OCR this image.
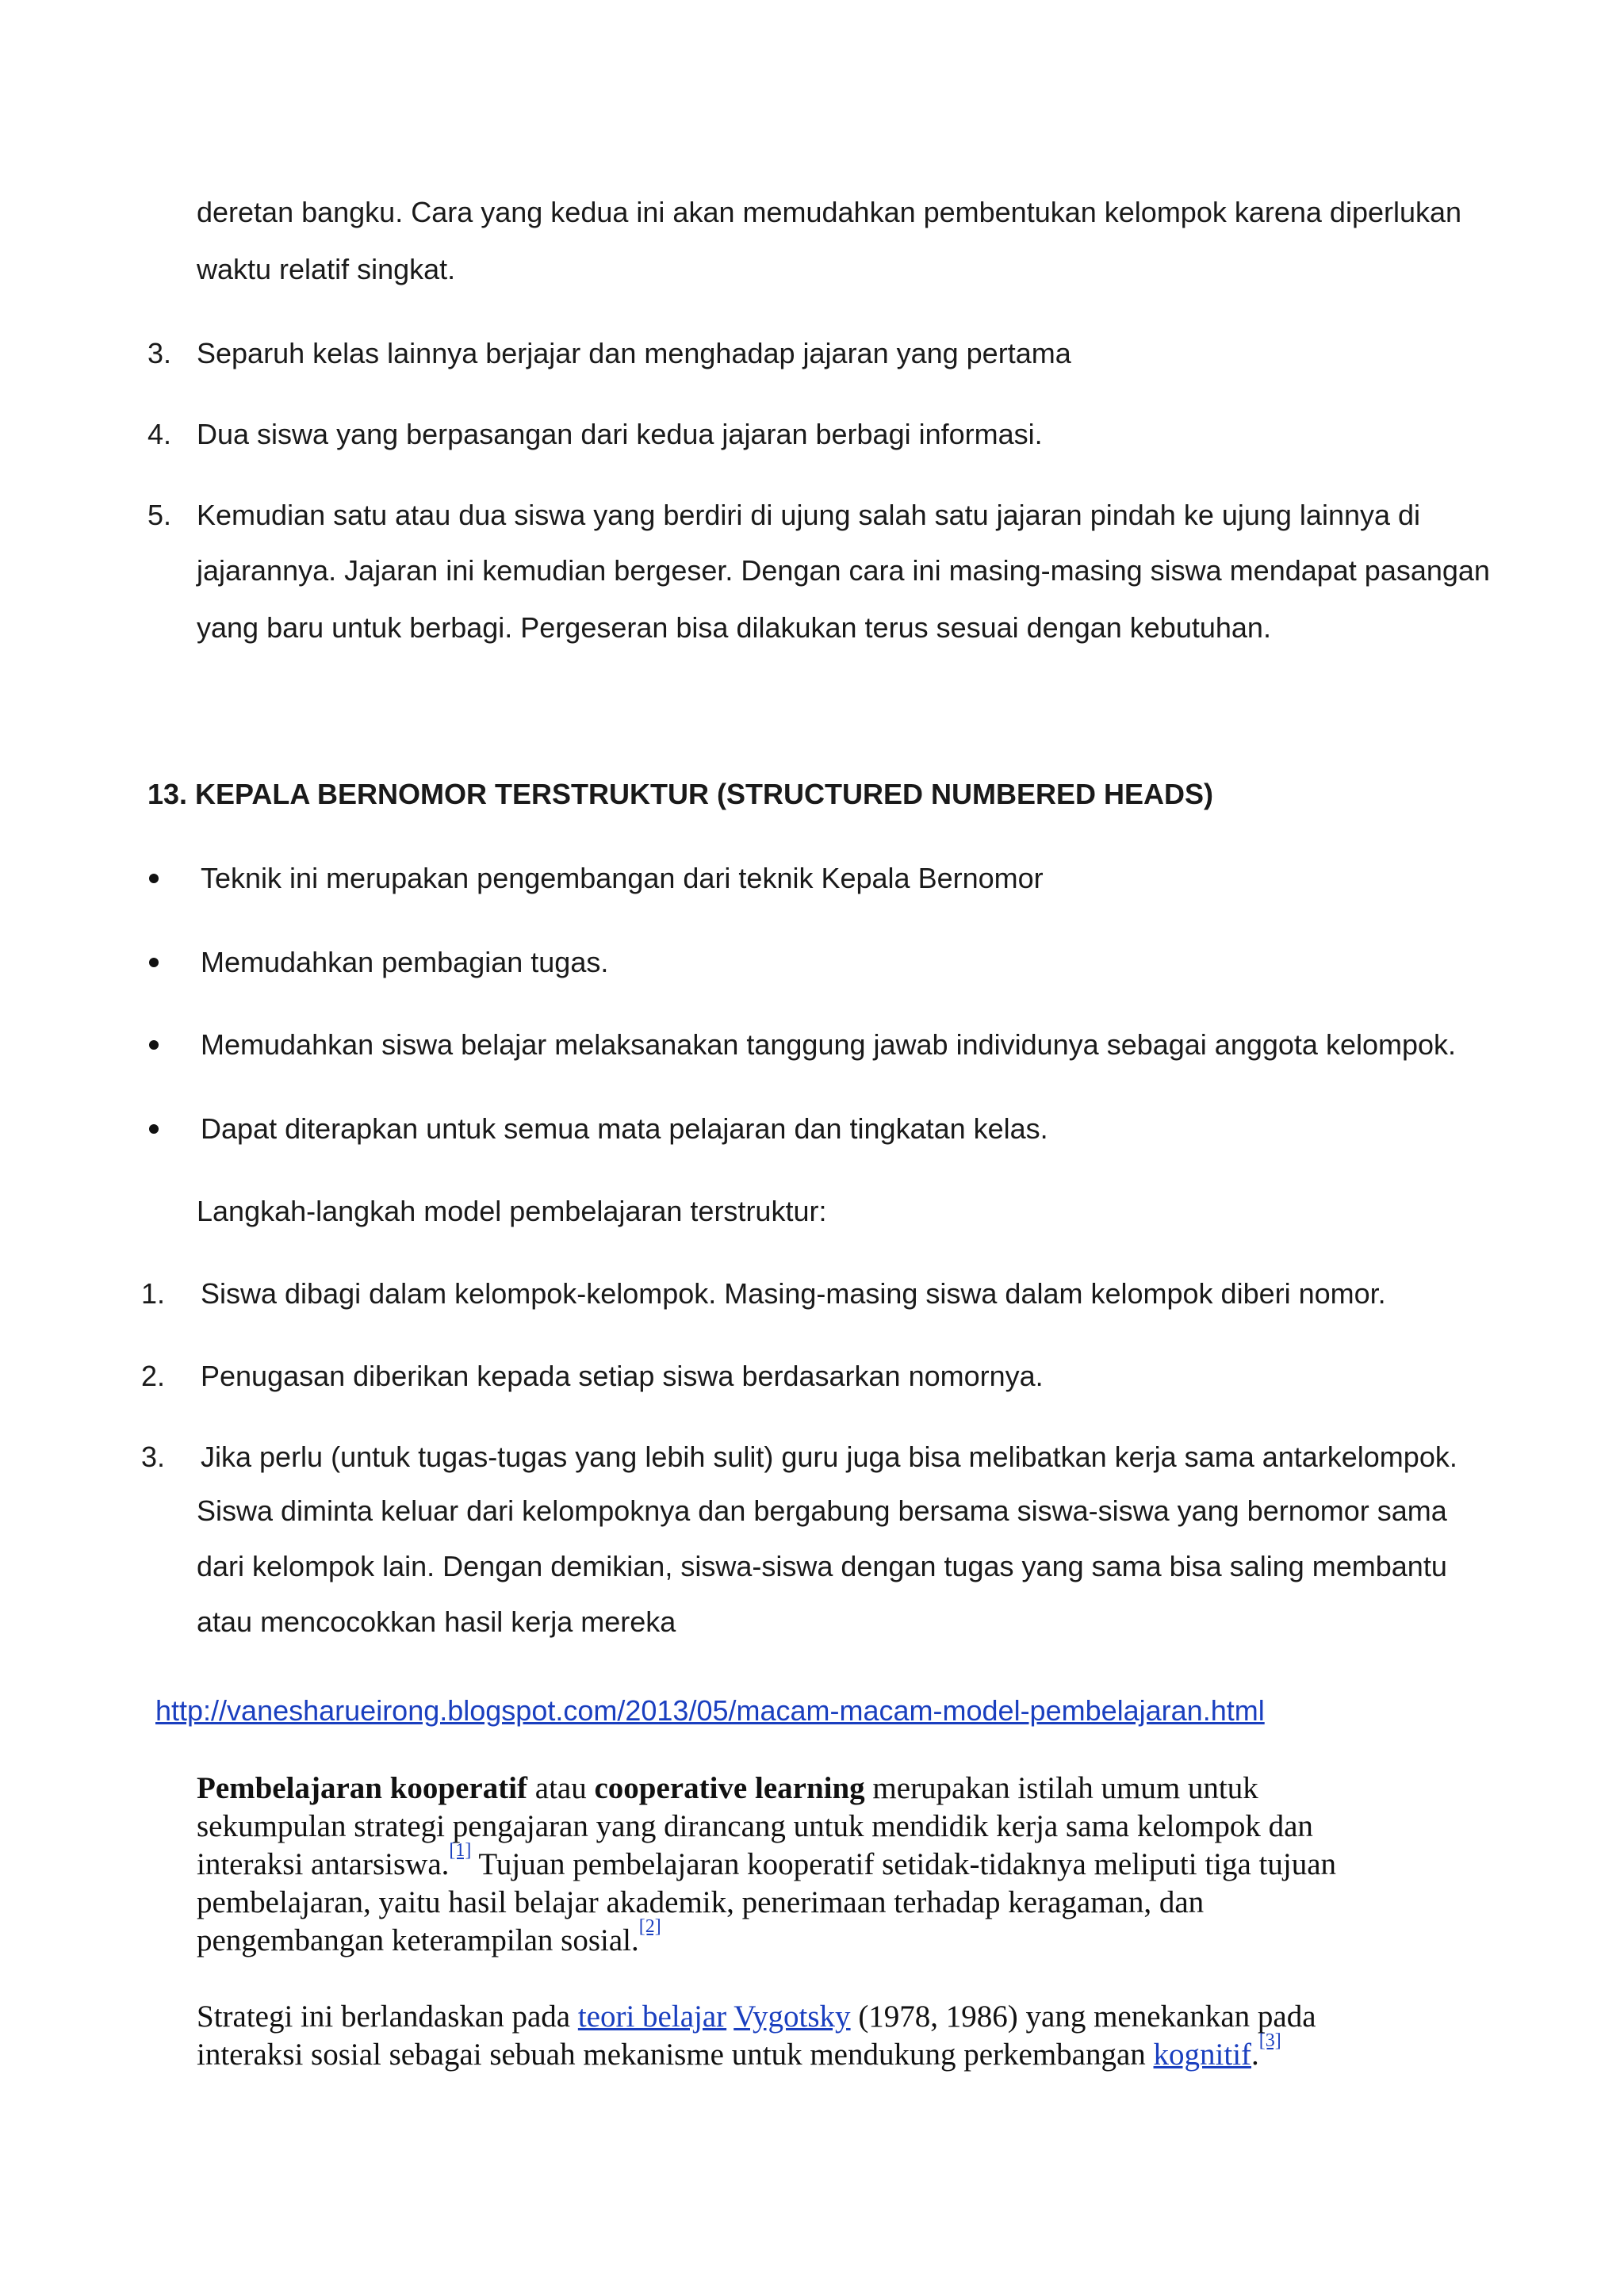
deretan bangku. Cara yang kedua ini akan memudahkan pembentukan kelompok karena diperlukan
waktu relatif singkat.
3. Separuh kelas lainnya berjajar dan menghadap jajaran yang pertama
4. Dua siswa yang berpasangan dari kedua jajaran berbagi informasi.
5. Kemudian satu atau dua siswa yang berdiri di ujung salah satu jajaran pindah ke ujung lainnya di
jajarannya. Jajaran ini kemudian bergeser. Dengan cara ini masing-masing siswa mendapat pasangan
yang baru untuk berbagi. Pergeseran bisa dilakukan terus sesuai dengan kebutuhan.
13. KEPALA BERNOMOR TERSTRUKTUR (STRUCTURED NUMBERED HEADS)
Teknik ini merupakan pengembangan dari teknik Kepala Bernomor
Memudahkan pembagian tugas.
Memudahkan siswa belajar melaksanakan tanggung jawab individunya sebagai anggota kelompok.
Dapat diterapkan untuk semua mata pelajaran dan tingkatan kelas.
Langkah-langkah model pembelajaran terstruktur:
1. Siswa dibagi dalam kelompok-kelompok. Masing-masing siswa dalam kelompok diberi nomor.
2. Penugasan diberikan kepada setiap siswa berdasarkan nomornya.
3. Jika perlu (untuk tugas-tugas yang lebih sulit) guru juga bisa melibatkan kerja sama antarkelompok.
Siswa diminta keluar dari kelompoknya dan bergabung bersama siswa-siswa yang bernomor sama
dari kelompok lain. Dengan demikian, siswa-siswa dengan tugas yang sama bisa saling membantu
atau mencocokkan hasil kerja mereka
http://vanesharueirong.blogspot.com/2013/05/macam-macam-model-pembelajaran.html
Pembelajaran kooperatif atau cooperative learning merupakan istilah umum untuk
sekumpulan strategi pengajaran yang dirancang untuk mendidik kerja sama kelompok dan
interaksi antarsiswa.[1] Tujuan pembelajaran kooperatif setidak-tidaknya meliputi tiga tujuan
pembelajaran, yaitu hasil belajar akademik, penerimaan terhadap keragaman, dan
pengembangan keterampilan sosial.[2]
Strategi ini berlandaskan pada teori belajar Vygotsky (1978, 1986) yang menekankan pada
interaksi sosial sebagai sebuah mekanisme untuk mendukung perkembangan kognitif.[3]
